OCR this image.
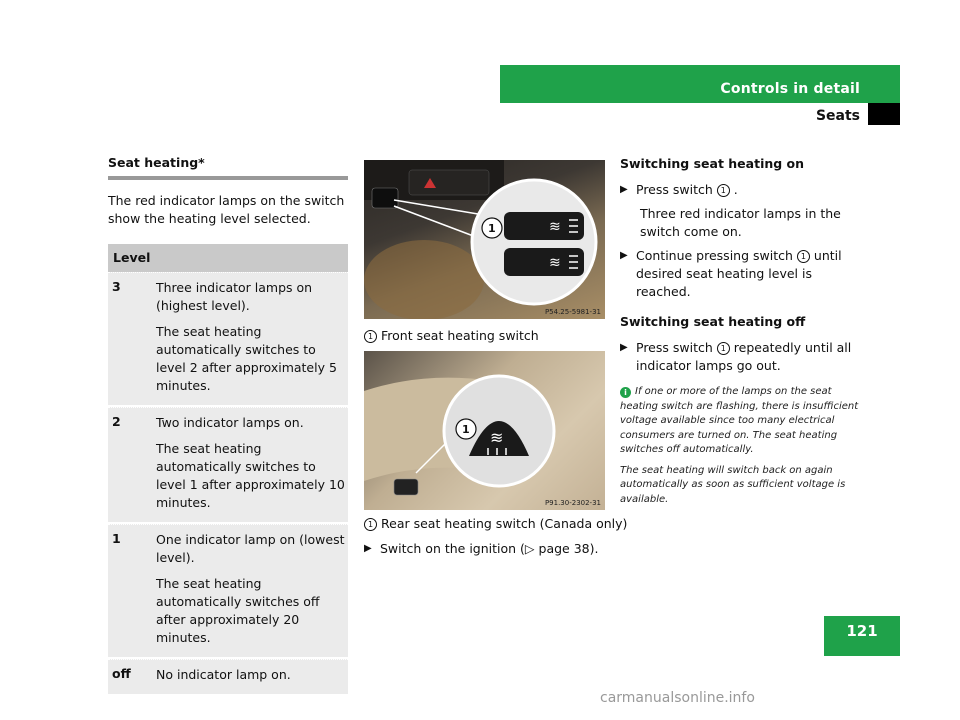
Controls in detail
Seats
Seat heating*

The red indicator lamps on the switch show the heating level selected.

Level
3	Three indicator lamps on (highest level).

The seat heating automatically switches to level 2 after approximately 5 minutes.

2	Two indicator lamps on.

The seat heating automatically switches to level 1 after approximately 10 minutes.

1	One indicator lamp on (lowest level).

The seat heating automatically switches off after approximately 20 minutes.

off	No indicator lamp on.

≋
≋
1
P54.25-5981-31
1 Front seat heating switch
≋
1
P91.30-2302-31
1 Rear seat heating switch (Canada only)
▶ Switch on the ignition (▷ page 38).
Switching seat heating on
▶ Press switch 1 .
Three red indicator lamps in the switch come on.
▶ Continue pressing switch 1 until desired seat heating level is reached.
Switching seat heating off
▶ Press switch 1 repeatedly until all indicator lamps go out.

i If one or more of the lamps on the seat heating switch are flashing, there is insufficient voltage available since too many electrical consumers are turned on. The seat heating switches off automatically.

The seat heating will switch back on again automatically as soon as sufficient voltage is available.

121
carmanualsonline.info
